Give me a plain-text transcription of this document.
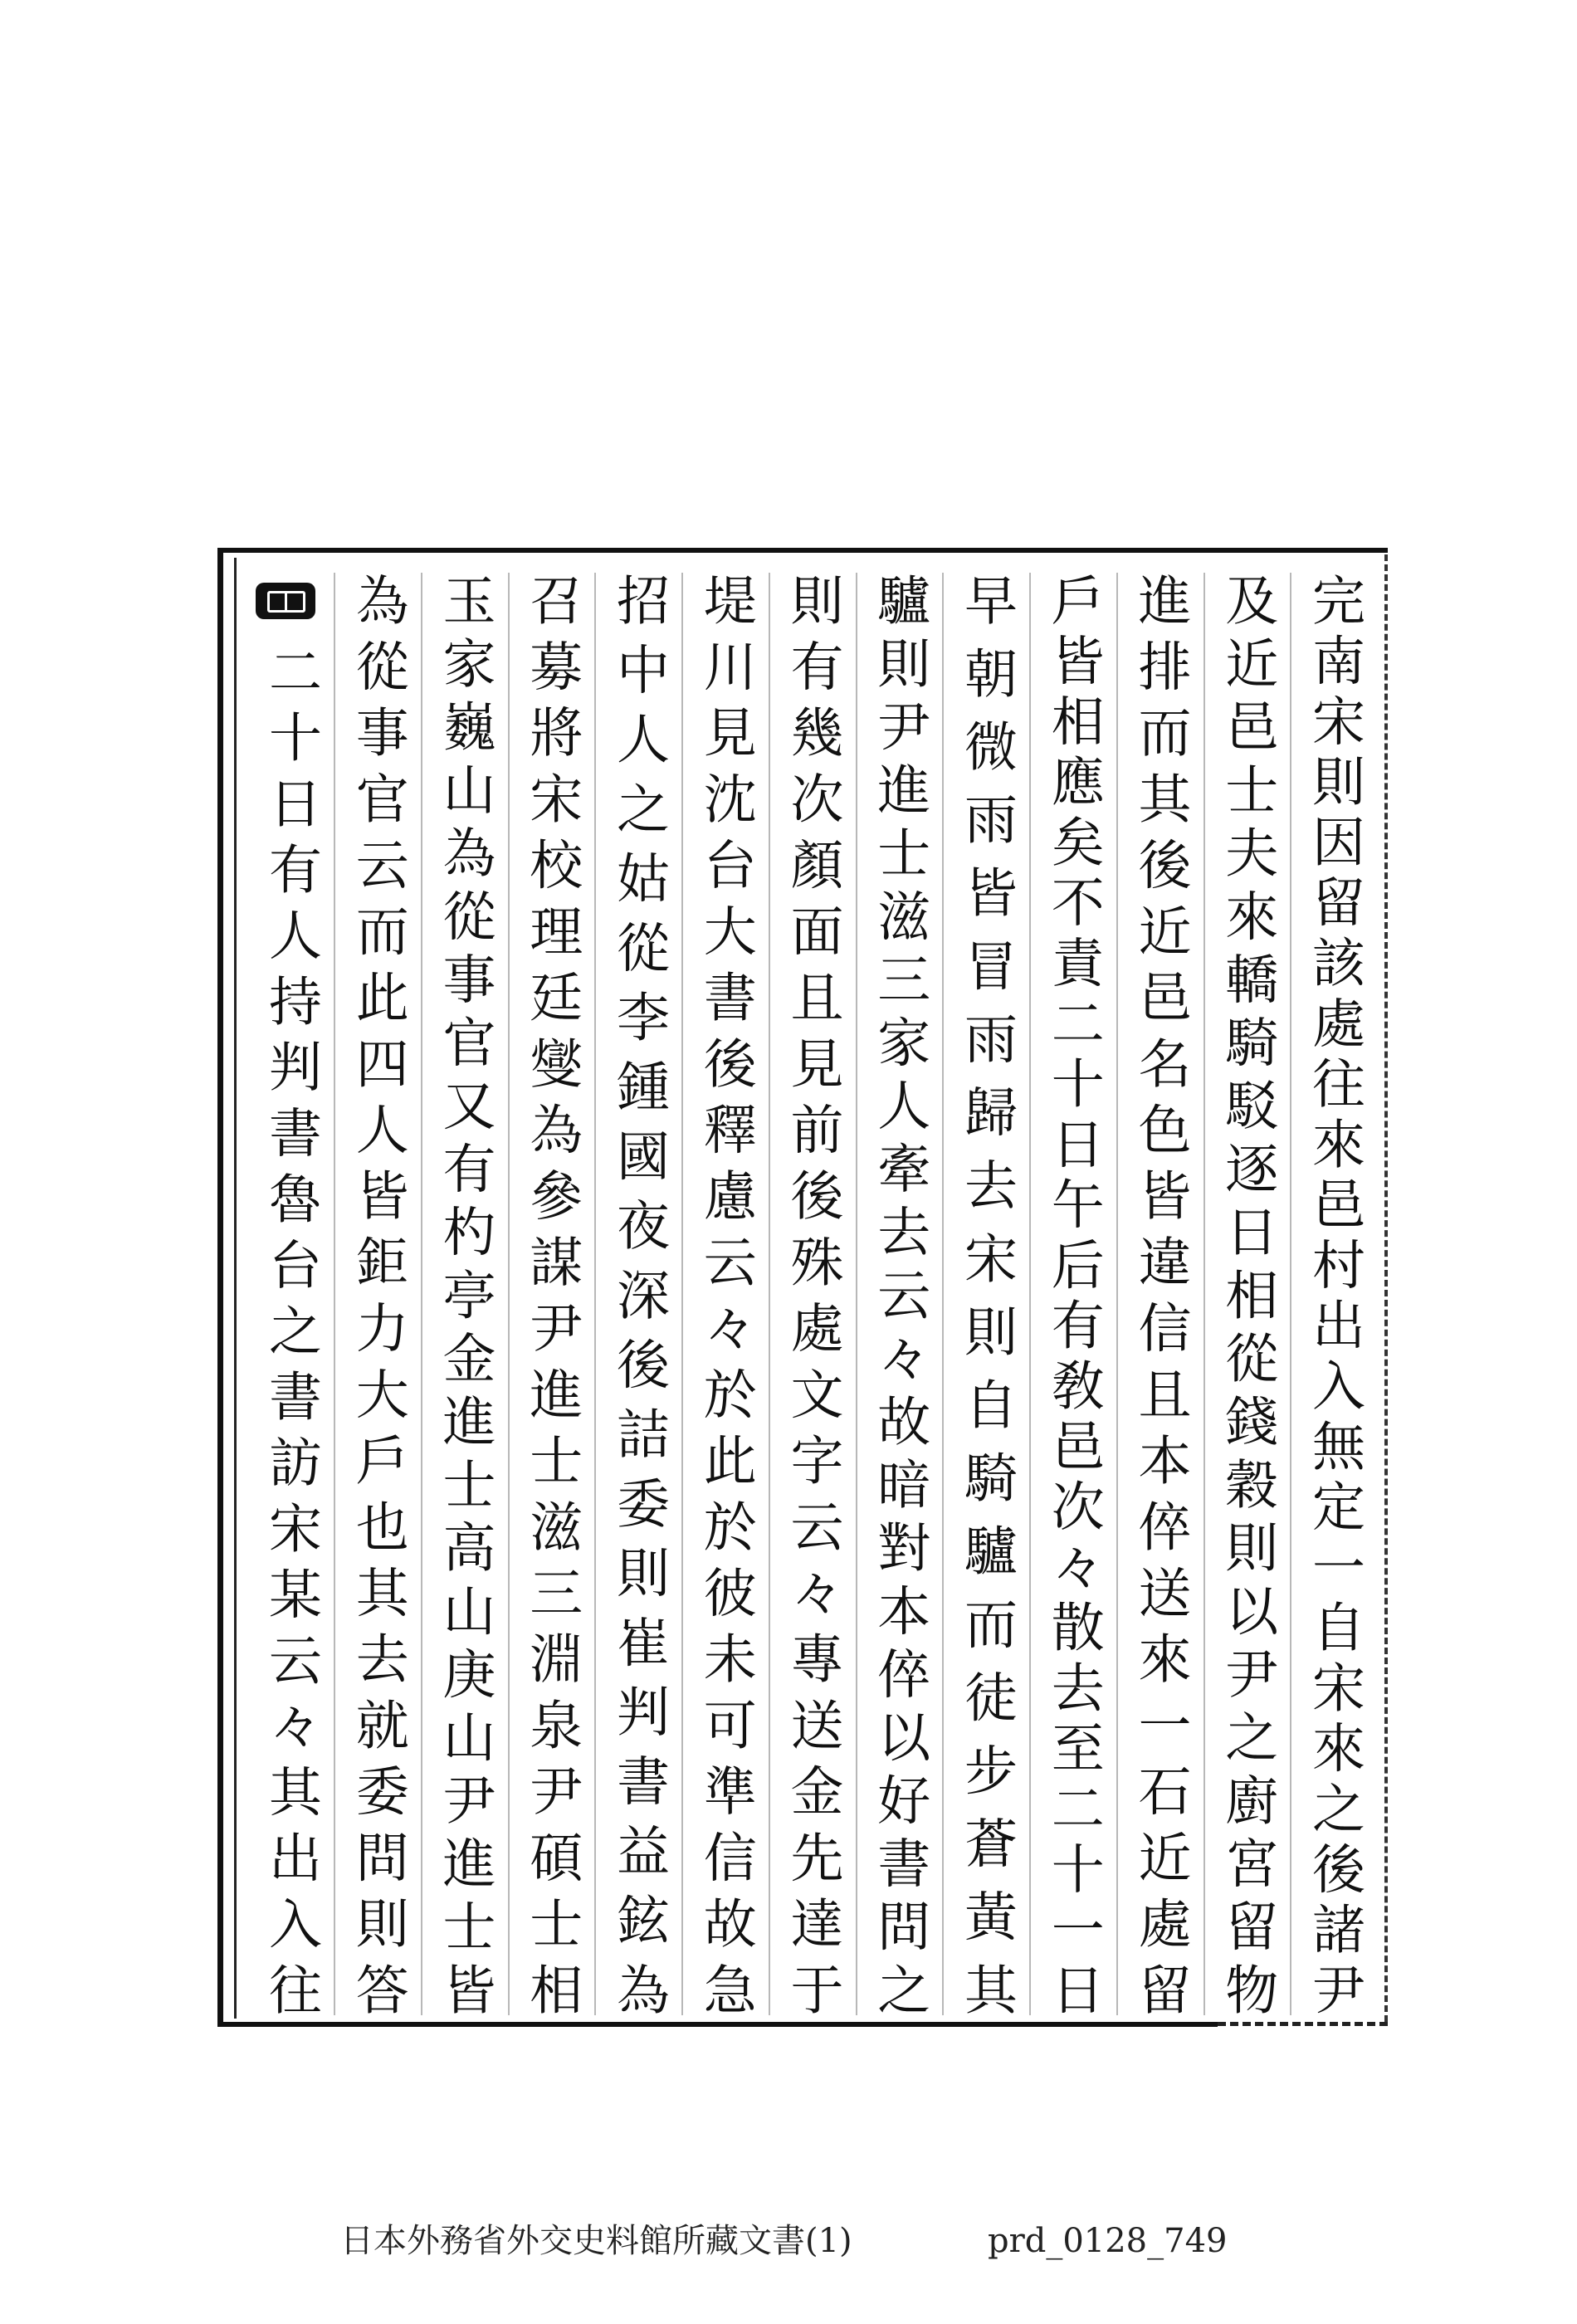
完南宋則因留該處往來邑村出入無定一自宋來之後諸尹
及近邑士夫來轎騎駁逐日相從錢穀則以尹之廚宮留物
進排而其後近邑名色皆違信且本倅送來一石近處留
戶皆相應矣不責二十日午后有敎邑次々散去至二十一日
早朝微雨皆冒雨歸去宋則自騎驢而徒步蒼黃其
驢則尹進士滋三家人牽去云々故暗對本倅以好書問之
則有幾次顏面且見前後殊處文字云々專送金先達于
堤川見沈台大書後釋慮云々於此於彼未可準信故急
招中人之姑從李鍾國夜深後詰委則崔判書益鉉為
召募將宋校理廷燮為參謀尹進士滋三淵泉尹碩士相
玉家巍山為從事官又有杓亭金進士高山庚山尹進士皆
為從事官云而此四人皆鉅力大戶也其去就委問則答
二十日有人持判書魯台之書訪宋某云々其出入往
日本外務省外交史料館所藏文書(1)	prd_0128_749
